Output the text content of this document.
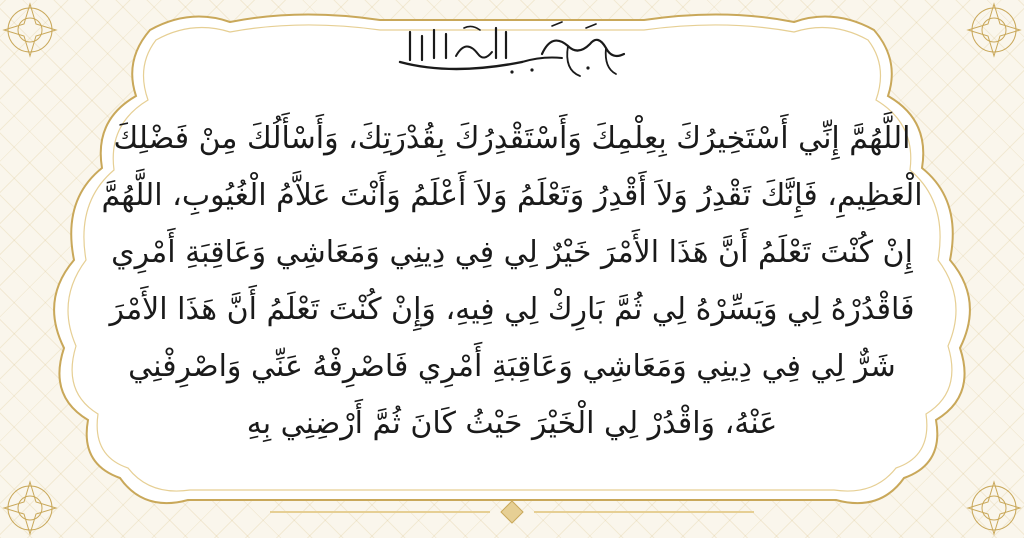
اللَّهُمَّ إِنِّي أَسْتَخِيرُكَ بِعِلْمِكَ وَأَسْتَقْدِرُكَ بِقُدْرَتِكَ، وَأَسْأَلُكَ مِنْ فَضْلِكَ
الْعَظِيمِ، فَإِنَّكَ تَقْدِرُ وَلاَ أَقْدِرُ وَتَعْلَمُ وَلاَ أَعْلَمُ وَأَنْتَ عَلاَّمُ الْغُيُوبِ، اللَّهُمَّ
إِنْ كُنْتَ تَعْلَمُ أَنَّ هَذَا الأَمْرَ خَيْرٌ لِي فِي دِينِي وَمَعَاشِي وَعَاقِبَةِ أَمْرِي
فَاقْدُرْهُ لِي وَيَسِّرْهُ لِي ثُمَّ بَارِكْ لِي فِيهِ، وَإِنْ كُنْتَ تَعْلَمُ أَنَّ هَذَا الأَمْرَ
شَرٌّ لِي فِي دِينِي وَمَعَاشِي وَعَاقِبَةِ أَمْرِي فَاصْرِفْهُ عَنِّي وَاصْرِفْنِي
عَنْهُ، وَاقْدُرْ لِي الْخَيْرَ حَيْثُ كَانَ ثُمَّ أَرْضِنِي بِهِ
